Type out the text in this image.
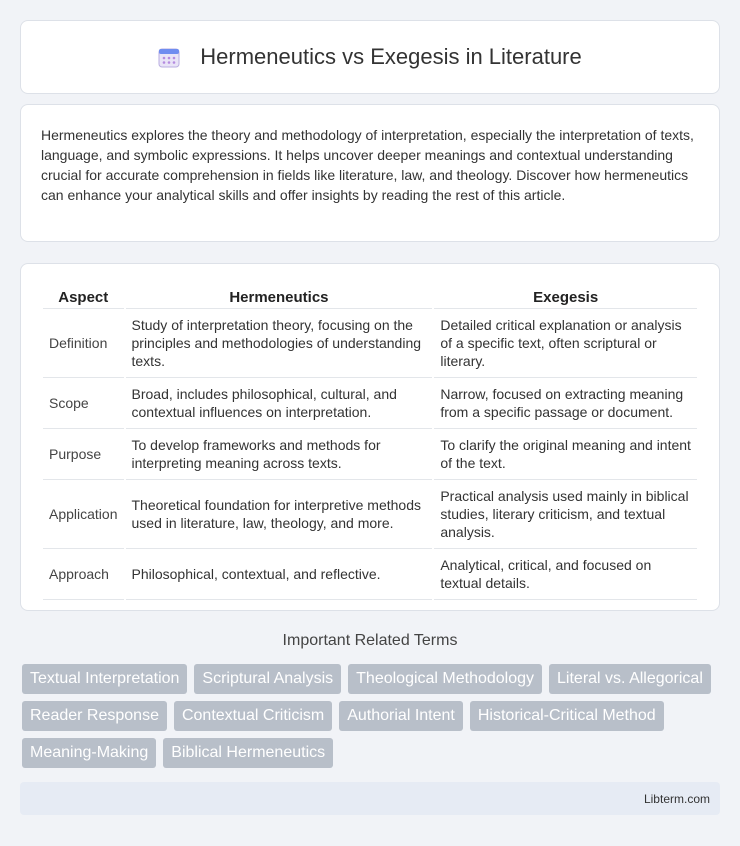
Hermeneutics vs Exegesis in Literature

Hermeneutics explores the theory and methodology of interpretation, especially the interpretation of texts, language, and symbolic expressions. It helps uncover deeper meanings and contextual understanding crucial for accurate comprehension in fields like literature, law, and theology. Discover how hermeneutics can enhance your analytical skills and offer insights by reading the rest of this article.

Aspect	Hermeneutics	Exegesis
Definition	Study of interpretation theory, focusing on the principles and methodologies of understanding texts.	Detailed critical explanation or analysis of a specific text, often scriptural or literary.
Scope	Broad, includes philosophical, cultural, and contextual influences on interpretation.	Narrow, focused on extracting meaning from a specific passage or document.
Purpose	To develop frameworks and methods for interpreting meaning across texts.	To clarify the original meaning and intent of the text.
Application	Theoretical foundation for interpretive methods used in literature, law, theology, and more.	Practical analysis used mainly in biblical studies, literary criticism, and textual analysis.
Approach	Philosophical, contextual, and reflective.	Analytical, critical, and focused on textual details.
Important Related Terms
Textual Interpretation	Scriptural Analysis	Theological Methodology	Literal vs. Allegorical
Reader Response	Contextual Criticism	Authorial Intent	Historical-Critical Method
Meaning-Making	Biblical Hermeneutics
Libterm.com
